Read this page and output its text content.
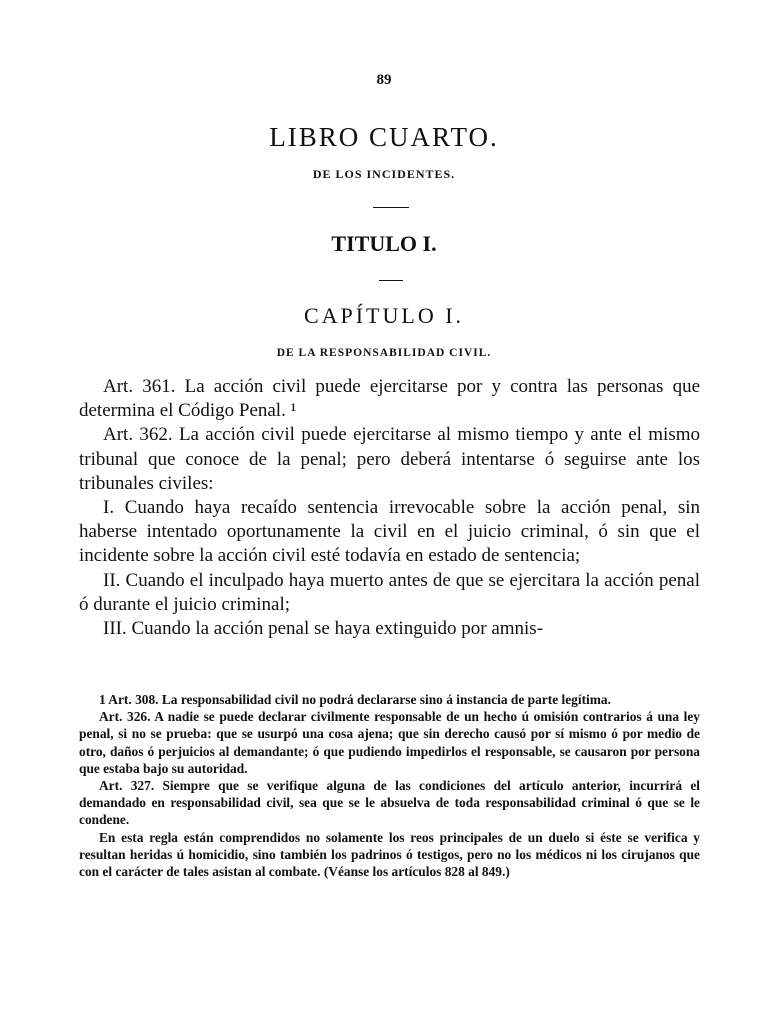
89
LIBRO CUARTO.
DE LOS INCIDENTES.
TITULO I.
CAPÍTULO I.
DE LA RESPONSABILIDAD CIVIL.

Art. 361. La acción civil puede ejercitarse por y contra las personas que determina el Código Penal. ¹

Art. 362. La acción civil puede ejercitarse al mismo tiempo y ante el mismo tribunal que conoce de la penal; pero deberá intentarse ó seguirse ante los tribunales civiles:

I. Cuando haya recaído sentencia irrevocable sobre la acción penal, sin haberse intentado oportunamente la civil en el juicio criminal, ó sin que el incidente sobre la acción civil esté todavía en estado de sentencia;

II. Cuando el inculpado haya muerto antes de que se ejercitara la acción penal ó durante el juicio criminal;

III. Cuando la acción penal se haya extinguido por amnis-

1 Art. 308. La responsabilidad civil no podrá declararse sino á instancia de parte legítima.

Art. 326. A nadie se puede declarar civilmente responsable de un hecho ú omisión contrarios á una ley penal, si no se prueba: que se usurpó una cosa ajena; que sin derecho causó por sí mismo ó por medio de otro, daños ó perjuicios al demandante; ó que pudiendo impedirlos el responsable, se causaron por persona que estaba bajo su autoridad.

Art. 327. Siempre que se verifique alguna de las condiciones del artículo anterior, incurrirá el demandado en responsabilidad civil, sea que se le absuelva de toda responsabilidad criminal ó que se le condene.

En esta regla están comprendidos no solamente los reos principales de un duelo si éste se verifica y resultan heridas ú homicidio, sino también los padrinos ó testigos, pero no los médicos ni los cirujanos que con el carácter de tales asistan al combate. (Véanse los artículos 828 al 849.)
